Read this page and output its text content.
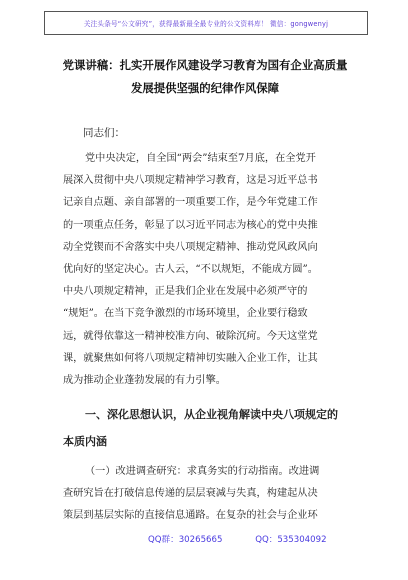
关注头条号“公文研究”，获得最新最全最专业的公文资料库！ 微信：gongwenyj
党课讲稿：扎实开展作风建设学习教育为国有企业高质量
发展提供坚强的纪律作风保障
同志们：
党中央决定，自全国“两会”结束至7月底，在全党开
展深入贯彻中央八项规定精神学习教育，这是习近平总书
记亲自点题、亲自部署的一项重要工作，是今年党建工作
的一项重点任务，彰显了以习近平同志为核心的党中央推
动全党锲而不舍落实中央八项规定精神、推动党风政风向
优向好的坚定决心。古人云，“不以规矩，不能成方圆”。
中央八项规定精神，正是我们企业在发展中必须严守的
“规矩”。在当下竞争激烈的市场环境里，企业要行稳致
远，就得依靠这一精神校准方向、破除沉疴。今天这堂党
课，就聚焦如何将八项规定精神切实融入企业工作，让其
成为推动企业蓬勃发展的有力引擎。
一、深化思想认识，从企业视角解读中央八项规定的
本质内涵
（一）改进调查研究：求真务实的行动指南。改进调
查研究旨在打破信息传递的层层衰减与失真，构建起从决
策层到基层实际的直接信息通路。在复杂的社会与企业环
QQ群：30265665	QQ：535304092
